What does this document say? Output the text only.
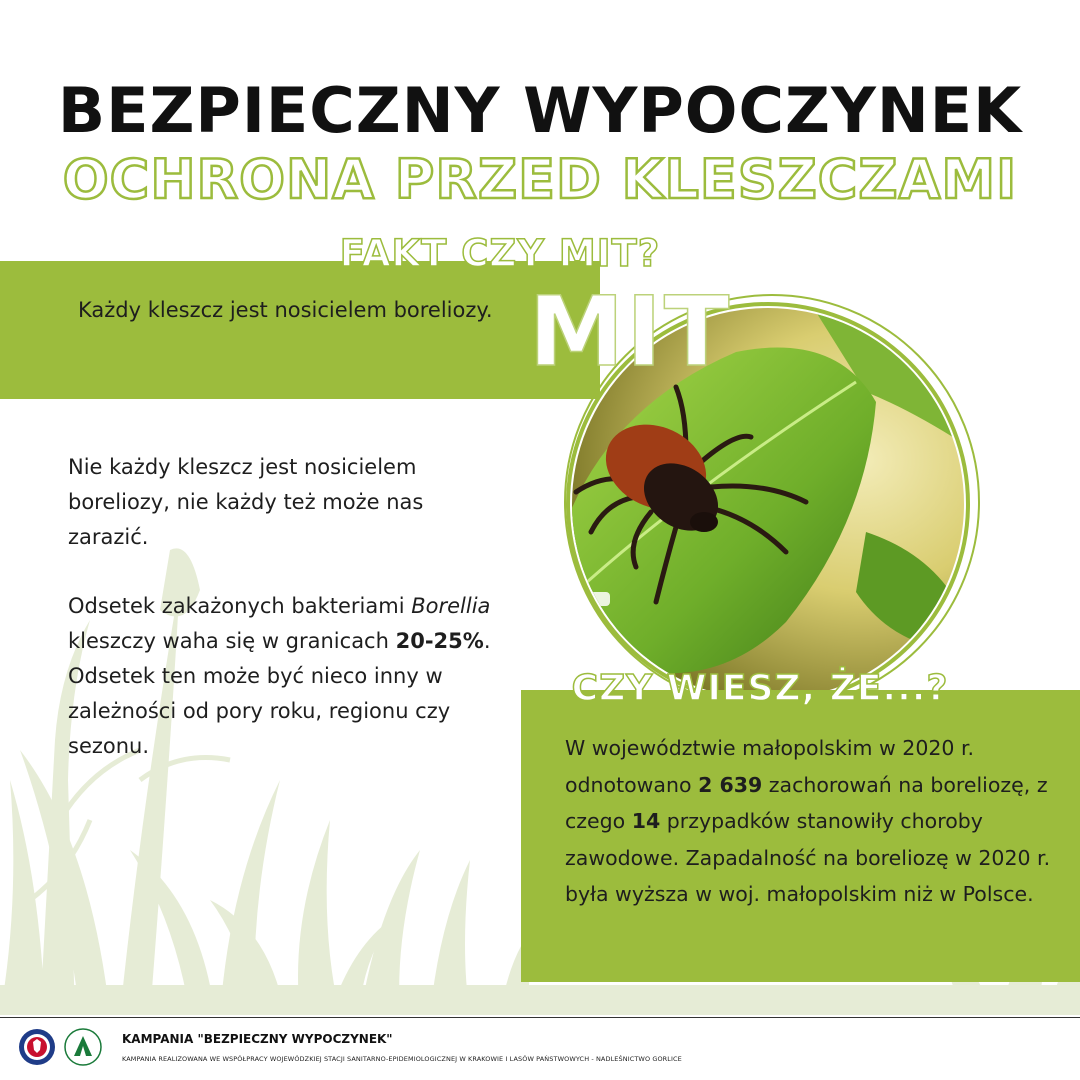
BEZPIECZNY WYPOCZYNEK
OCHRONA PRZED KLESZCZAMI
Każdy kleszcz jest nosicielem boreliozy.
FAKT CZY MIT?
MIT

Nie każdy kleszcz jest nosicielem boreliozy, nie każdy też może nas zarazić.

Odsetek zakażonych bakteriami Borellia kleszczy waha się w granicach 20-25%. Odsetek ten może być nieco inny w zależności od pory roku, regionu czy sezonu.

CZY WIESZ, ŻE...?
W województwie małopolskim w 2020 r. odnotowano 2 639 zachorowań na boreliozę, z czego 14 przypadków stanowiły choroby zawodowe. Zapadalność na boreliozę w 2020 r. była wyższa w woj. małopolskim niż w Polsce.
KAMPANIA "BEZPIECZNY WYPOCZYNEK"
KAMPANIA REALIZOWANA WE WSPÓŁPRACY WOJEWÓDZKIEJ STACJI SANITARNO-EPIDEMIOLOGICZNEJ W KRAKOWIE I LASÓW PAŃSTWOWYCH - NADLEŚNICTWO GORLICE
